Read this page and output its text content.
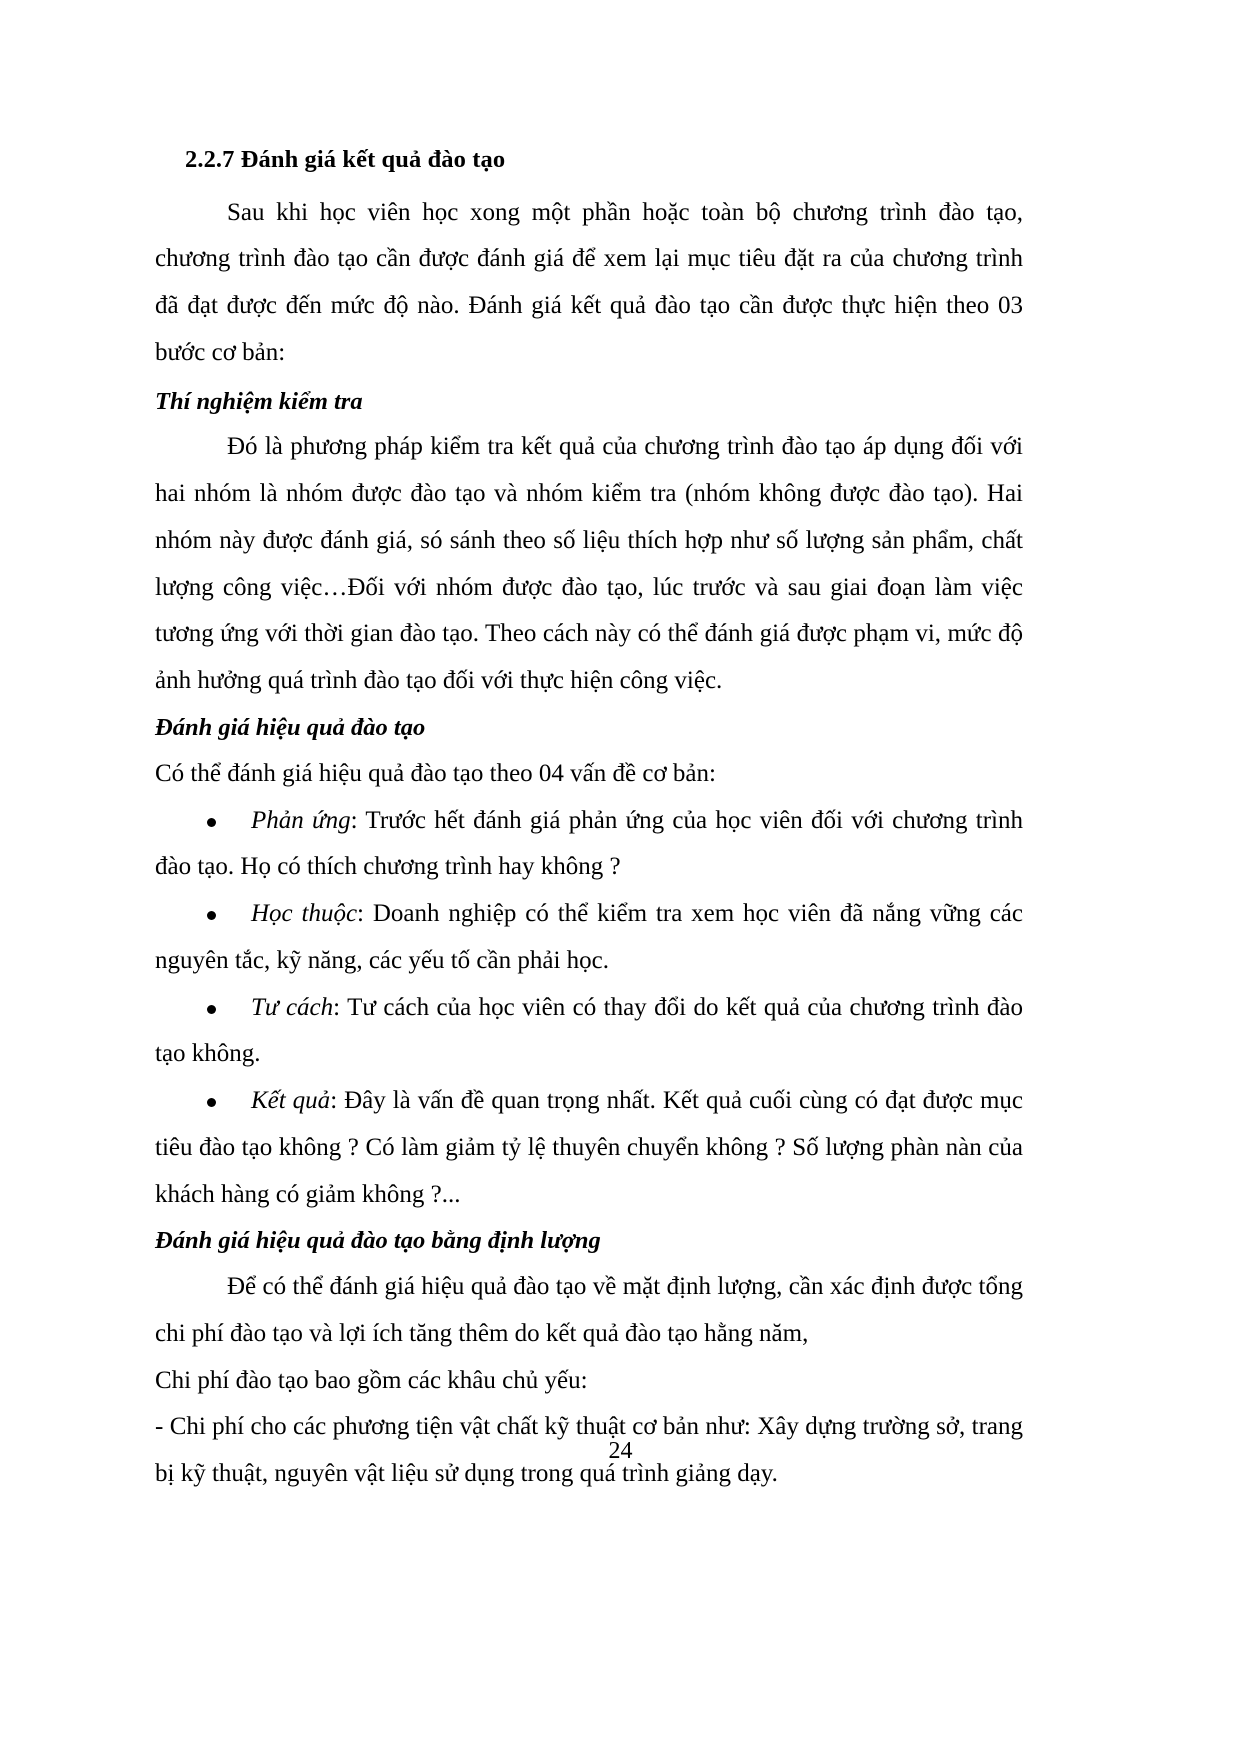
2.2.7 Đánh giá kết quả đào tạo

Sau khi học viên học xong một phần hoặc toàn bộ chương trình đào tạo, chương trình đào tạo cần được đánh giá để xem lại mục tiêu đặt ra của chương trình đã đạt được đến mức độ nào. Đánh giá kết quả đào tạo cần được thực hiện theo 03 bước cơ bản:

Thí nghiệm kiểm tra

Đó là phương pháp kiểm tra kết quả của chương trình đào tạo áp dụng đối với hai nhóm là nhóm được đào tạo và nhóm kiểm tra (nhóm không được đào tạo). Hai nhóm này được đánh giá, só sánh theo số liệu thích hợp như số lượng sản phẩm, chất lượng công việc…Đối với nhóm được đào tạo, lúc trước và sau giai đoạn làm việc tương ứng với thời gian đào tạo. Theo cách này có thể đánh giá được phạm vi, mức độ ảnh hưởng quá trình đào tạo đối với thực hiện công việc.

Đánh giá hiệu quả đào tạo

Có thể đánh giá hiệu quả đào tạo theo 04 vấn đề cơ bản:

Phản ứng: Trước hết đánh giá phản ứng của học viên đối với chương trình đào tạo. Họ có thích chương trình hay không ?
Học thuộc: Doanh nghiệp có thể kiểm tra xem học viên đã nắng vững các nguyên tắc, kỹ năng, các yếu tố cần phải học.
Tư cách: Tư cách của học viên có thay đổi do kết quả của chương trình đào tạo không.
Kết quả: Đây là vấn đề quan trọng nhất. Kết quả cuối cùng có đạt được mục tiêu đào tạo không ? Có làm giảm tỷ lệ thuyên chuyển không ? Số lượng phàn nàn của khách hàng có giảm không ?...

Đánh giá hiệu quả đào tạo bằng định lượng

Để có thể đánh giá hiệu quả đào tạo về mặt định lượng, cần xác định được tổng chi phí đào tạo và lợi ích tăng thêm do kết quả đào tạo hằng năm,

Chi phí đào tạo bao gồm các khâu chủ yếu:

- Chi phí cho các phương tiện vật chất kỹ thuật cơ bản như: Xây dựng trường sở, trang bị kỹ thuật, nguyên vật liệu sử dụng trong quá trình giảng dạy.

24
